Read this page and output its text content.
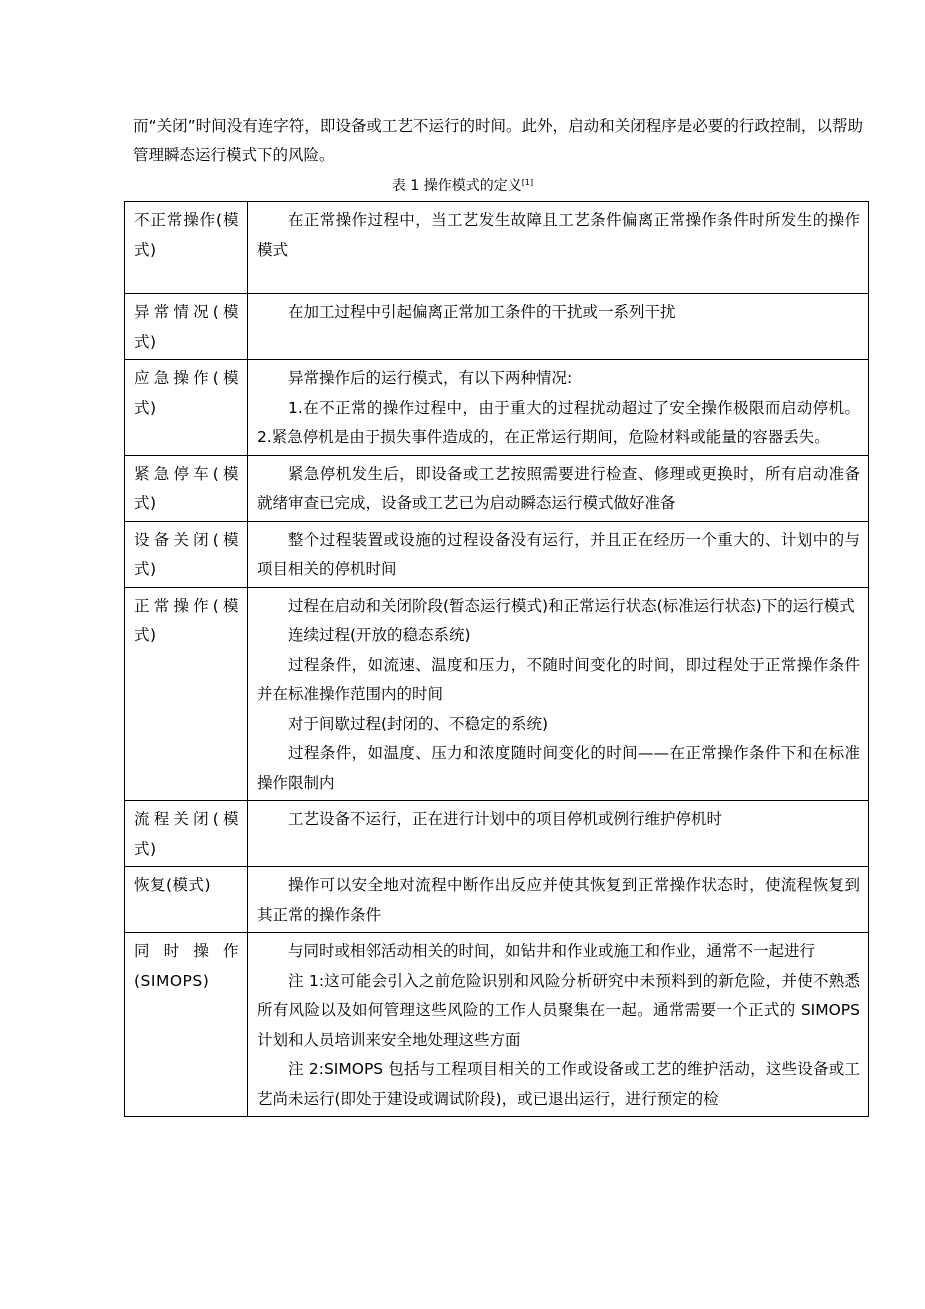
而“关闭”时间没有连字符，即设备或工艺不运行的时间。此外，启动和关闭程序是必要的行政控制，以帮助管理瞬态运行模式下的风险。

表 1 操作模式的定义[1]
不正常操作(模式)	在正常操作过程中，当工艺发生故障且工艺条件偏离正常操作条件时所发生的操作模式

异常情况(模式)	在加工过程中引起偏离正常加工条件的干扰或一系列干扰

应急操作(模式)	异常操作后的运行模式，有以下两种情况:

1.在不正常的操作过程中，由于重大的过程扰动超过了安全操作极限而启动停机。2.紧急停机是由于损失事件造成的，在正常运行期间，危险材料或能量的容器丢失。

紧急停车(模式)	紧急停机发生后，即设备或工艺按照需要进行检查、修理或更换时，所有启动准备就绪审查已完成，设备或工艺已为启动瞬态运行模式做好准备

设备关闭(模式)	整个过程装置或设施的过程设备没有运行，并且正在经历一个重大的、计划中的与项目相关的停机时间

正常操作(模式)	过程在启动和关闭阶段(暂态运行模式)和正常运行状态(标准运行状态)下的运行模式

连续过程(开放的稳态系统)

过程条件，如流速、温度和压力，不随时间变化的时间，即过程处于正常操作条件并在标准操作范围内的时间

对于间歇过程(封闭的、不稳定的系统)

过程条件，如温度、压力和浓度随时间变化的时间——在正常操作条件下和在标准操作限制内

流程关闭(模式)	工艺设备不运行，正在进行计划中的项目停机或例行维护停机时

恢复(模式)	操作可以安全地对流程中断作出反应并使其恢复到正常操作状态时，使流程恢复到其正常的操作条件

同时操作(SIMOPS)	与同时或相邻活动相关的时间，如钻井和作业或施工和作业，通常不一起进行

注 1:这可能会引入之前危险识别和风险分析研究中未预料到的新危险，并使不熟悉所有风险以及如何管理这些风险的工作人员聚集在一起。通常需要一个正式的 SIMOPS 计划和人员培训来安全地处理这些方面

注 2:SIMOPS 包括与工程项目相关的工作或设备或工艺的维护活动，这些设备或工艺尚未运行(即处于建设或调试阶段)，或已退出运行，进行预定的检
